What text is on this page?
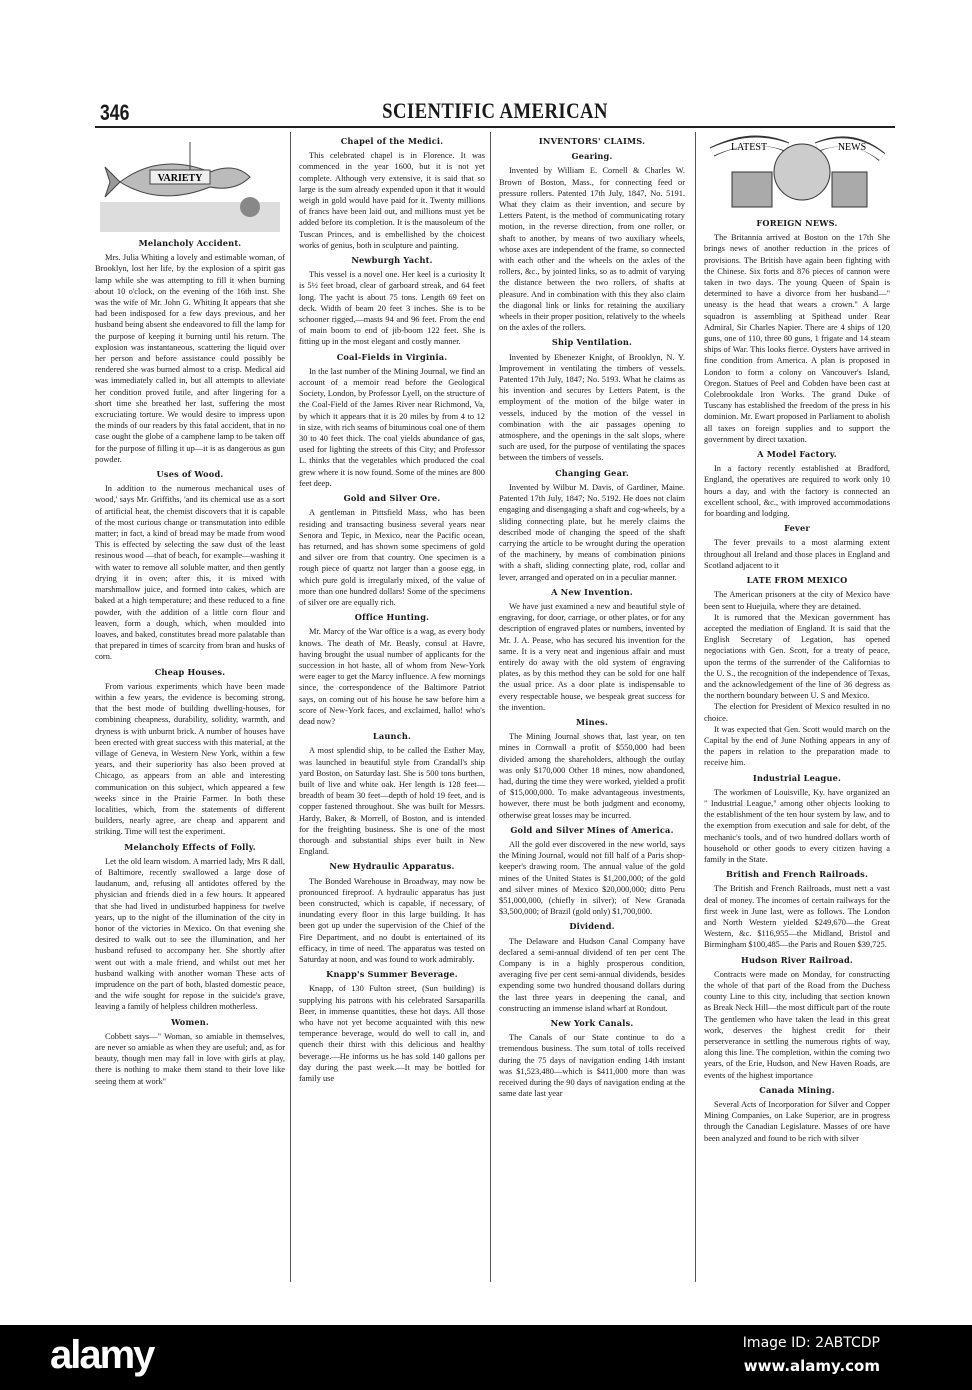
346	SCIENTIFIC AMERICAN
VARIETY
Melancholy Accident.

Mrs. Julia Whiting a lovely and estimable woman, of Brooklyn, lost her life, by the explosion of a spirit gas lamp while she was attempting to fill it when burning about 10 o'clock, on the evening of the 16th inst. She was the wife of Mr. John G. Whiting It appears that she had been indisposed for a few days previous, and her husband being absent she endeavored to fill the lamp for the purpose of keeping it burning until his return. The explosion was instantaneous, scattering the liquid over her person and before assistance could possibly be rendered she was burned almost to a crisp. Medical aid was immediately called in, but all attempts to alleviate her condition proved futile, and after lingering for a short time she breathed her last, suffering the most excruciating torture. We would desire to impress upon the minds of our readers by this fatal accident, that in no case ought the globe of a camphene lamp to be taken off for the purpose of filling it up—it is as dangerous as gun powder.

Uses of Wood.

In addition to the numerous mechanical uses of wood,' says Mr. Griffiths, 'and its chemical use as a sort of artificial heat, the chemist discovers that it is capable of the most curious change or transmutation into edible matter; in fact, a kind of bread may be made from wood This is effected by selecting the saw dust of the least resinous wood —that of beach, for example—washing it with water to remove all soluble matter, and then gently drying it in oven; after this, it is mixed with marshmallow juice, and formed into cakes, which are baked at a high temperature; and these reduced to a fine powder, with the addition of a little corn flour and leaven, form a dough, which, when moulded into loaves, and baked, constitutes bread more palatable than that prepared in times of scarcity from bran and husks of corn.

Cheap Houses.

From various experiments which have been made within a few years, the evidence is becoming strong, that the best mode of building dwelling-houses, for combining cheapness, durability, solidity, warmth, and dryness is with unburnt brick. A number of houses have been erected with great success with this material, at the village of Geneva, in Western New York, within a few years, and their superiority has also been proved at Chicago, as appears from an able and interesting communication on this subject, which appeared a few weeks since in the Prairie Farmer. In both these localities, which, from the statements of different builders, nearly agree, are cheap and apparent and striking. Time will test the experiment.

Melancholy Effects of Folly.

Let the old learn wisdom. A married lady, Mrs R dall, of Baltimore, recently swallowed a large dose of laudanum, and, refusing all antidotes offered by the physician and friends died in a few hours. It appeared that she had lived in undisturbed happiness for twelve years, up to the night of the illumination of the city in honor of the victories in Mexico. On that evening she desired to walk out to see the illumination, and her husband refused to accompany her. She shortly after went out with a male friend, and whilst out met her husband walking with another woman These acts of imprudence on the part of both, blasted domestic peace, and the wife sought for repose in the suicide's grave, leaving a family of helpless children motherless.

Women.

Cobbett says—" Woman, so amiable in themselves, are never so amiable as when they are useful; and, as for beauty, though men may fall in love with girls at play, there is nothing to make them stand to their love like seeing them at work"

Chapel of the Medici.

This celebrated chapel is in Florence. It was commenced in the year 1600, but it is not yet complete. Although very extensive, it is said that so large is the sum already expended upon it that it would weigh in gold would have paid for it. Twenty millions of francs have been laid out, and millions must yet be added before its completion. It is the mausoleum of the Tuscan Princes, and is embellished by the choicest works of genius, both in sculpture and painting.

Newburgh Yacht.

This vessel is a novel one. Her keel is a curiosity It is 5½ feet broad, clear of garboard streak, and 64 feet long. The yacht is about 75 tons. Length 69 feet on deck. Width of beam 20 feet 3 inches. She is to be schooner rigged,—masts 94 and 96 feet. From the end of main boom to end of jib-boom 122 feet. She is fitting up in the most elegant and costly manner.

Coal-Fields in Virginia.

In the last number of the Mining Journal, we find an account of a memoir read before the Geological Society, London, by Professor Lyell, on the structure of the Coal-Field of the James River near Richmond, Va, by which it appears that it is 20 miles by from 4 to 12 in size, with rich seams of bituminous coal one of them 30 to 40 feet thick. The coal yields abundance of gas, used for lighting the streets of this City; and Professor L. thinks that the vegetables which produced the coal grew where it is now found. Some of the mines are 800 feet deep.

Gold and Silver Ore.

A gentleman in Pittsfield Mass, who has been residing and transacting business several years near Senora and Tepic, in Mexico, near the Pacific ocean, has returned, and has shown some specimens of gold and silver ore from that country. One specimen is a rough piece of quartz not larger than a goose egg, in which pure gold is irregularly mixed, of the value of more than one hundred dollars! Some of the specimens of silver ore are equally rich.

Office Hunting.

Mr. Marcy of the War office is a wag, as every body knows. The death of Mr. Beasly, consul at Havre, having brought the usual number of applicants for the succession in hot haste, all of whom from New-York were eager to get the Marcy influence. A few mornings since, the correspondence of the Baltimore Patriot says, on coming out of his house he saw before him a score of New-York faces, and exclaimed, hallo! who's dead now?

Launch.

A most splendid ship, to be called the Esther May, was launched in beautiful style from Crandall's ship yard Boston, on Saturday last. She is 500 tons burthen, built of live and white oak. Her length is 128 feet—breadth of beam 30 feet—depth of hold 19 feet, and is copper fastened throughout. She was built for Messrs. Hardy, Baker, & Morrell, of Boston, and is intended for the freighting business. She is one of the most thorough and substantial ships ever built in New England.

New Hydraulic Apparatus.

The Bonded Warehouse in Broadway, may now be pronounced fireproof. A hydraulic apparatus has just been constructed, which is capable, if necessary, of inundating every floor in this large building. It has been got up under the supervision of the Chief of the Fire Department, and no doubt is entertained of its efficacy, in time of need. The apparatus was tested on Saturday at noon, and was found to work admirably.

Knapp's Summer Beverage.

Knapp, of 130 Fulton street, (Sun building) is supplying his patrons with his celebrated Sarsaparilla Beer, in immense quantities, these hot days. All those who have not yet become acquainted with this new temperance beverage, would do well to call in, and quench their thirst with this delicious and healthy beverage.—He informs us he has sold 140 gallons per day during the past week.—It may be bottled for family use

INVENTORS' CLAIMS.
Gearing.

Invented by William E. Cornell & Charles W. Brown of Boston, Mass., for connecting feed or pressure rollers. Patented 17th July, 1847, No. 5191. What they claim as their invention, and secure by Letters Patent, is the method of communicating rotary motion, in the reverse direction, from one roller, or shaft to another, by means of two auxiliary wheels, whose axes are independent of the frame, so connected with each other and the wheels on the axles of the rollers, &c., by jointed links, so as to admit of varying the distance between the two rollers, of shafts at pleasure. And in combination with this they also claim the diagonal link or links for retaining the auxiliary wheels in their proper position, relatively to the wheels on the axles of the rollers.

Ship Ventilation.

Invented by Ebenezer Knight, of Brooklyn, N. Y. Improvement in ventilating the timbers of vessels. Patented 17th July, 1847; No. 5193. What he claims as his invention and secures by Letters Patent, is the employment of the motion of the bilge water in vessels, induced by the motion of the vessel in combination with the air passages opening to atmosphere, and the openings in the salt slops, where such are used, for the purpose of ventilating the spaces between the timbers of vessels.

Changing Gear.

Invented by Wilbur M. Davis, of Gardiner, Maine. Patented 17th July, 1847; No. 5192. He does not claim engaging and disengaging a shaft and cog-wheels, by a sliding connecting plate, but he merely claims the described mode of changing the speed of the shaft carrying the article to be wrought during the operation of the machinery, by means of combination pinions with a shaft, sliding connecting plate, rod, collar and lever, arranged and operated on in a peculiar manner.

A New Invention.

We have just examined a new and beautiful style of engraving, for door, carriage, or other plates, or for any description of engraved plates or numbers, invented by Mr. J. A. Pease, who has secured his invention for the same. It is a very neat and ingenious affair and must entirely do away with the old system of engraving plates, as by this method they can be sold for one half the usual price. As a door plate is indispensable to every respectable house, we bespeak great success for the invention.

Mines.

The Mining Journal shows that, last year, on ten mines in Cornwall a profit of $550,000 had been divided among the shareholders, although the outlay was only $170,000 Other 18 mines, now abandoned, had, during the time they were worked, yielded a profit of $15,000,000. To make advantageous investments, however, there must be both judgment and economy, otherwise great losses may be incurred.

Gold and Silver Mines of America.

All the gold ever discovered in the new world, says the Mining Journal, would not fill half of a Paris shop-keeper's drawing room. The annual value of the gold mines of the United States is $1,200,000; of the gold and silver mines of Mexico $20,000,000; ditto Peru $51,000,000, (chiefly in silver); of New Granada $3,500,000; of Brazil (gold only) $1,700,000.

Dividend.

The Delaware and Hudson Canal Company have declared a semi-annual dividend of ten per cent The Company is in a highly prosperous condition, averaging five per cent semi-annual dividends, besides expending some two hundred thousand dollars during the last three years in deepening the canal, and constructing an immense island wharf at Rondout.

New York Canals.

The Canals of our State continue to do a tremendous business. The sum total of tolls received during the 75 days of navigation ending 14th instant was $1,523,480—which is $411,000 more than was received during the 90 days of navigation ending at the same date last year

LATEST	NEWS
FOREIGN NEWS.

The Britannia arrived at Boston on the 17th She brings news of another reduction in the prices of provisions. The British have again been fighting with the Chinese. Six forts and 876 pieces of cannon were taken in two days. The young Queen of Spain is determined to have a divorce from her husband—" uneasy is the head that wears a crown." A large squadron is assembling at Spithead under Rear Admiral, Sir Charles Napier. There are 4 ships of 120 guns, one of 110, three 80 guns, 1 frigate and 14 steam ships of War. This looks fierce. Oysters have arrived in fine condition from America. A plan is proposed in London to form a colony on Vancouver's Island, Oregon. Statues of Peel and Cobden have been cast at Colebrookdale Iron Works. The grand Duke of Tuscany has established the freedom of the press in his dominion. Mr. Ewart proposed in Parliament to abolish all taxes on foreign supplies and to support the government by direct taxation.

A Model Factory.

In a factory recently established at Bradford, England, the operatives are required to work only 10 hours a day, and with the factory is connected an excellent school, &c., with improved accommodations for boarding and lodging.

Fever

The fever prevails to a most alarming extent throughout all Ireland and those places in England and Scotland adjacent to it

LATE FROM MEXICO

The American prisoners at the city of Mexico have been sent to Huejuila, where they are detained.

It is rumored that the Mexican government has accepted the mediation of England. It is said that the English Secretary of Legation, has opened negociations with Gen. Scott, for a treaty of peace, upon the terms of the surrender of the Californias to the U. S., the recognition of the independence of Texas, and the acknowledgement of the line of 36 degress as the northern boundary between U. S and Mexico.

The election for President of Mexico resulted in no choice.

It was expected that Gen. Scott would march on the Capital by the end of June Nothing appears in any of the papers in relation to the preparation made to receive him.

Industrial League.

The workmen of Louisville, Ky. have organized an " Industrial League," among other objects looking to the establishment of the ten hour system by law, and to the exemption from execution and sale for debt, of the mechanic's tools, and of two hundred dollars worth of household or other goods to every citizen having a family in the State.

British and French Railroads.

The British and French Railroads, must nett a vast deal of money. The incomes of certain railways for the first week in June last, were as follows. The London and North Western yielded $249,670—the Great Western, &c. $116,955—the Midland, Bristol and Birmingham $100,485—the Paris and Rouen $39,725.

Hudson River Railroad.

Contracts were made on Monday, for constructing the whole of that part of the Road from the Duchess county Line to this city, including that section known as Break Neck Hill—the most difficult part of the route The gentlemen who have taken the lead in this great work, deserves the highest credit for their perserverance in settling the numerous rights of way, along this line. The completion, within the coming two years, of the Erie, Hudson, and New Haven Roads, are events of the highest importance

Canada Mining.

Several Acts of Incorporation for Silver and Copper Mining Companies, on Lake Superior, are in progress through the Canadian Legislature. Masses of ore have been analyzed and found to be rich with silver

alamy	Image ID: 2ABTCDP
www.alamy.com
